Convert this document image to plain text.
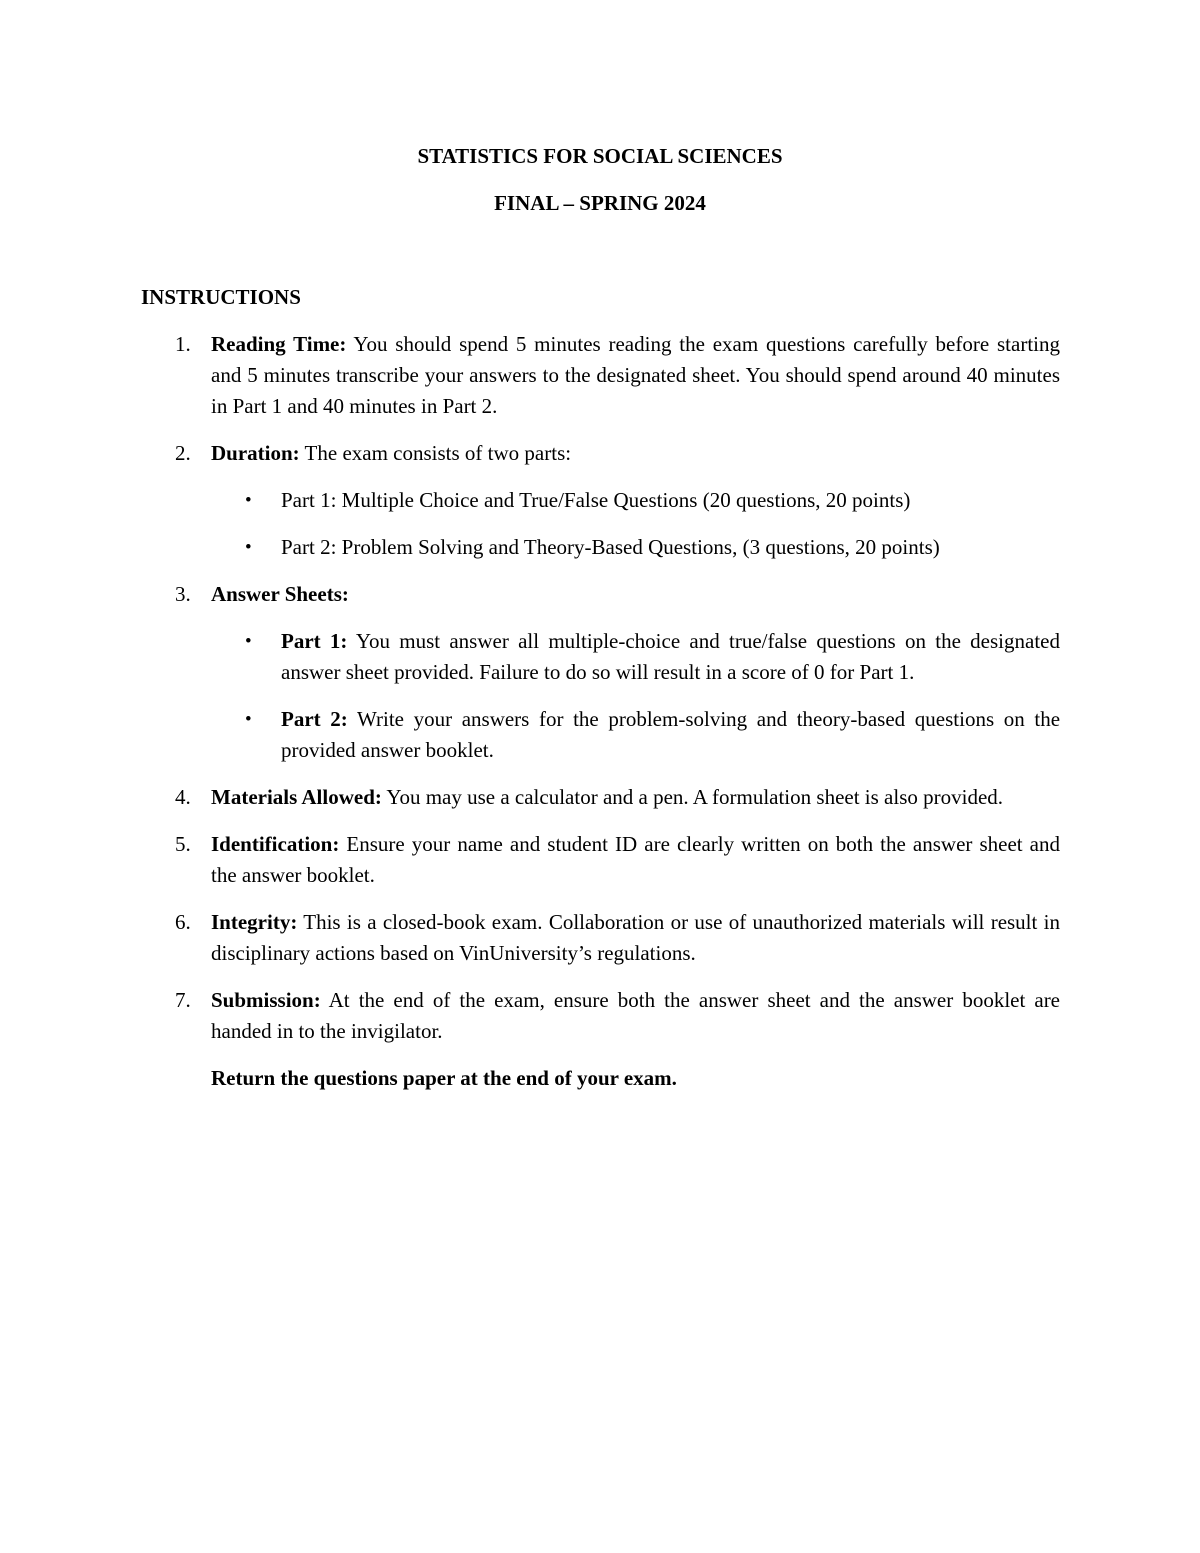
STATISTICS FOR SOCIAL SCIENCES
FINAL – SPRING 2024
INSTRUCTIONS
1. Reading Time: You should spend 5 minutes reading the exam questions carefully before starting and 5 minutes transcribe your answers to the designated sheet. You should spend around 40 minutes in Part 1 and 40 minutes in Part 2.
2. Duration: The exam consists of two parts:
• Part 1: Multiple Choice and True/False Questions (20 questions, 20 points)
• Part 2: Problem Solving and Theory-Based Questions, (3 questions, 20 points)
3. Answer Sheets:
• Part 1: You must answer all multiple-choice and true/false questions on the designated answer sheet provided. Failure to do so will result in a score of 0 for Part 1.
• Part 2: Write your answers for the problem-solving and theory-based questions on the provided answer booklet.
4. Materials Allowed: You may use a calculator and a pen. A formulation sheet is also provided.
5. Identification: Ensure your name and student ID are clearly written on both the answer sheet and the answer booklet.
6. Integrity: This is a closed-book exam. Collaboration or use of unauthorized materials will result in disciplinary actions based on VinUniversity’s regulations.
7. Submission: At the end of the exam, ensure both the answer sheet and the answer booklet are handed in to the invigilator.

Return the questions paper at the end of your exam.
